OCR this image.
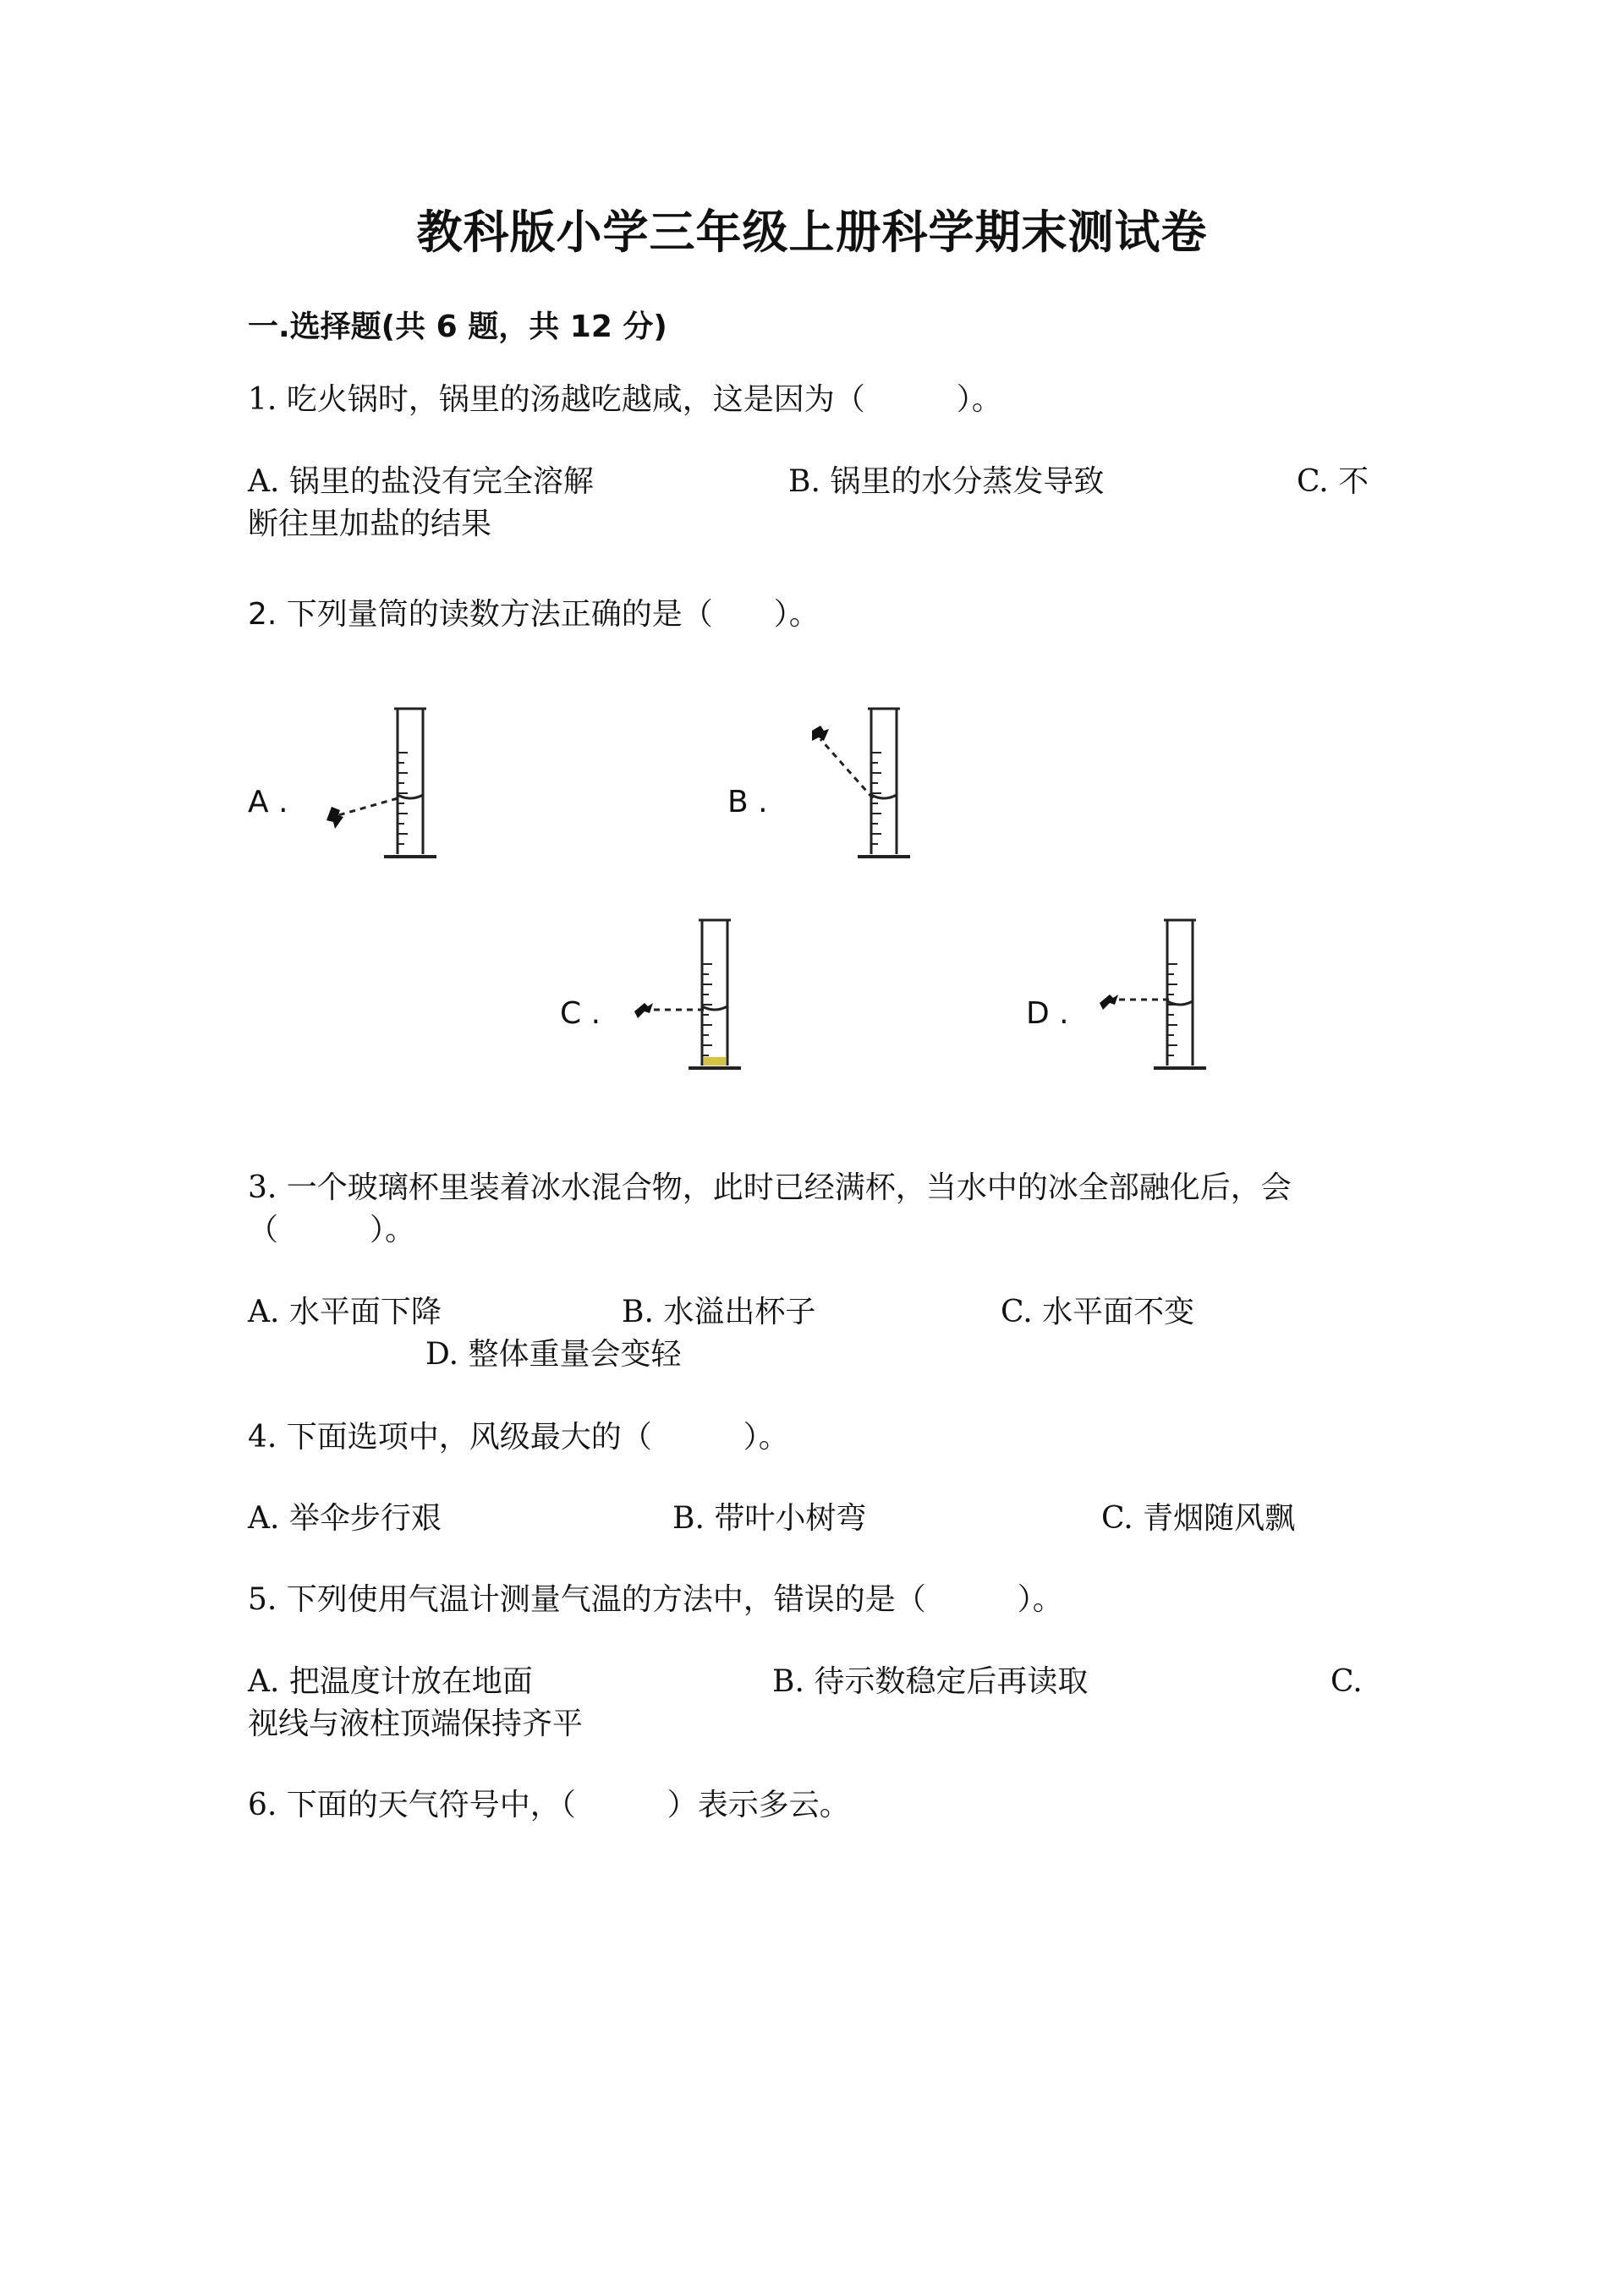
教科版小学三年级上册科学期末测试卷
一.选择题(共 6 题，共 12 分)
1. 吃火锅时，锅里的汤越吃越咸，这是因为（　　　）。
A. 锅里的盐没有完全溶解	B. 锅里的水分蒸发导致	C. 不
断往里加盐的结果
2. 下列量筒的读数方法正确的是（　　）。
A .	B .
C .	D .
3. 一个玻璃杯里装着冰水混合物，此时已经满杯，当水中的冰全部融化后，会
（　　　）。
A. 水平面下降	B. 水溢出杯子	C. 水平面不变
D. 整体重量会变轻
4. 下面选项中，风级最大的（　　　）。
A. 举伞步行艰	B. 带叶小树弯	C. 青烟随风飘
5. 下列使用气温计测量气温的方法中，错误的是（　　　）。
A. 把温度计放在地面	B. 待示数稳定后再读取	C.
视线与液柱顶端保持齐平
6. 下面的天气符号中，（　　　）表示多云。
